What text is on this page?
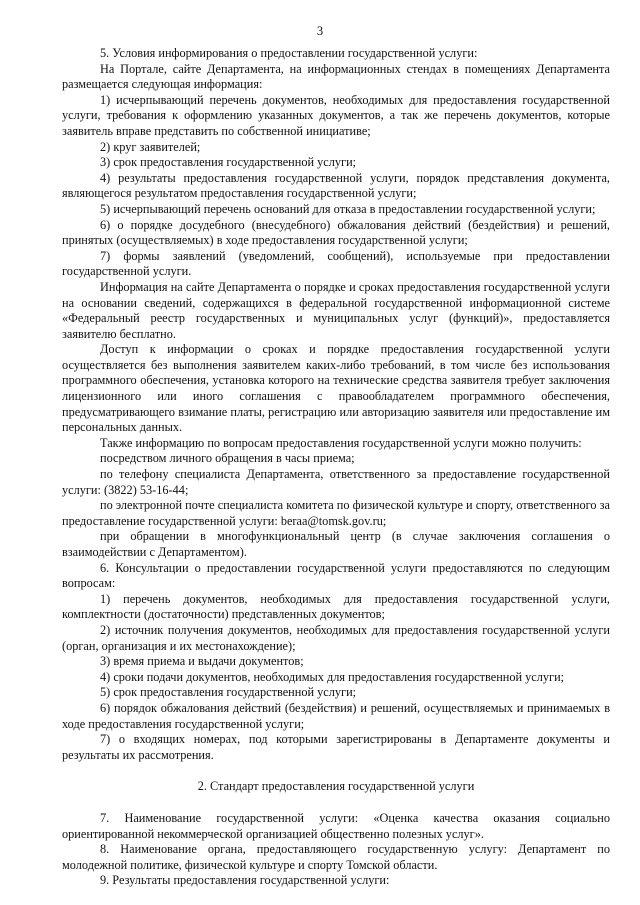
3

5. Условия информирования о предоставлении государственной услуги:

На Портале, сайте Департамента, на информационных стендах в помещениях Департамента размещается следующая информация:

1) исчерпывающий перечень документов, необходимых для предоставления государственной услуги, требования к оформлению указанных документов, а так же перечень документов, которые заявитель вправе представить по собственной инициативе;

2) круг заявителей;

3) срок предоставления государственной услуги;

4) результаты предоставления государственной услуги, порядок представления документа, являющегося результатом предоставления государственной услуги;

5) исчерпывающий перечень оснований для отказа в предоставлении государственной услуги;

6) о порядке досудебного (внесудебного) обжалования действий (бездействия) и решений, принятых (осуществляемых) в ходе предоставления государственной услуги;

7) формы заявлений (уведомлений, сообщений), используемые при предоставлении государственной услуги.

Информация на сайте Департамента о порядке и сроках предоставления государственной услуги на основании сведений, содержащихся в федеральной государственной информационной системе «Федеральный реестр государственных и муниципальных услуг (функций)», предоставляется заявителю бесплатно.

Доступ к информации о сроках и порядке предоставления государственной услуги осуществляется без выполнения заявителем каких-либо требований, в том числе без использования программного обеспечения, установка которого на технические средства заявителя требует заключения лицензионного или иного соглашения с правообладателем программного обеспечения, предусматривающего взимание платы, регистрацию или авторизацию заявителя или предоставление им персональных данных.

Также информацию по вопросам предоставления государственной услуги можно получить:

посредством личного обращения в часы приема;

по телефону специалиста Департамента, ответственного за предоставление государственной услуги: (3822) 53-16-44;

по электронной почте специалиста комитета по физической культуре и спорту, ответственного за предоставление государственной услуги: beraa@tomsk.gov.ru;

при обращении в многофункциональный центр (в случае заключения соглашения о взаимодействии с Департаментом).

6. Консультации о предоставлении государственной услуги предоставляются по следующим вопросам:

1) перечень документов, необходимых для предоставления государственной услуги, комплектности (достаточности) представленных документов;

2) источник получения документов, необходимых для предоставления государственной услуги (орган, организация и их местонахождение);

3) время приема и выдачи документов;

4) сроки подачи документов, необходимых для предоставления государственной услуги;

5) срок предоставления государственной услуги;

6) порядок обжалования действий (бездействия) и решений, осуществляемых и принимаемых в ходе предоставления государственной услуги;

7) о входящих номерах, под которыми зарегистрированы в Департаменте документы и результаты их рассмотрения.

2. Стандарт предоставления государственной услуги

7. Наименование государственной услуги: «Оценка качества оказания социально ориентированной некоммерческой организацией общественно полезных услуг».

8. Наименование органа, предоставляющего государственную услугу: Департамент по молодежной политике, физической культуре и спорту Томской области.

9. Результаты предоставления государственной услуги:
